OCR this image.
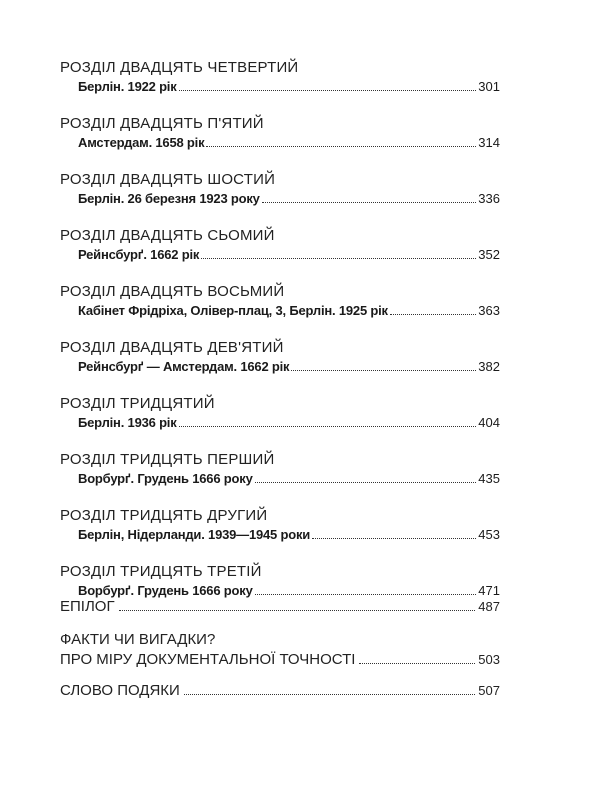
РОЗДІЛ ДВАДЦЯТЬ ЧЕТВЕРТИЙ
Берлін. 1922 рік	301
РОЗДІЛ ДВАДЦЯТЬ П'ЯТИЙ
Амстердам. 1658 рік	314
РОЗДІЛ ДВАДЦЯТЬ ШОСТИЙ
Берлін. 26 березня 1923 року	336
РОЗДІЛ ДВАДЦЯТЬ СЬОМИЙ
Рейнсбурґ. 1662 рік	352
РОЗДІЛ ДВАДЦЯТЬ ВОСЬМИЙ
Кабінет Фрідріха, Олівер-плац, 3, Берлін. 1925 рік	363
РОЗДІЛ ДВАДЦЯТЬ ДЕВ'ЯТИЙ
Рейнсбурґ — Амстердам. 1662 рік	382
РОЗДІЛ ТРИДЦЯТИЙ
Берлін. 1936 рік	404
РОЗДІЛ ТРИДЦЯТЬ ПЕРШИЙ
Ворбурґ. Грудень 1666 року	435
РОЗДІЛ ТРИДЦЯТЬ ДРУГИЙ
Берлін, Нідерланди. 1939—1945 роки	453
РОЗДІЛ ТРИДЦЯТЬ ТРЕТІЙ
Ворбурґ. Грудень 1666 року	471
ЕПІЛОГ	487
ФАКТИ ЧИ ВИГАДКИ?
ПРО МІРУ ДОКУМЕНТАЛЬНОЇ ТОЧНОСТІ	503
СЛОВО ПОДЯКИ	507
